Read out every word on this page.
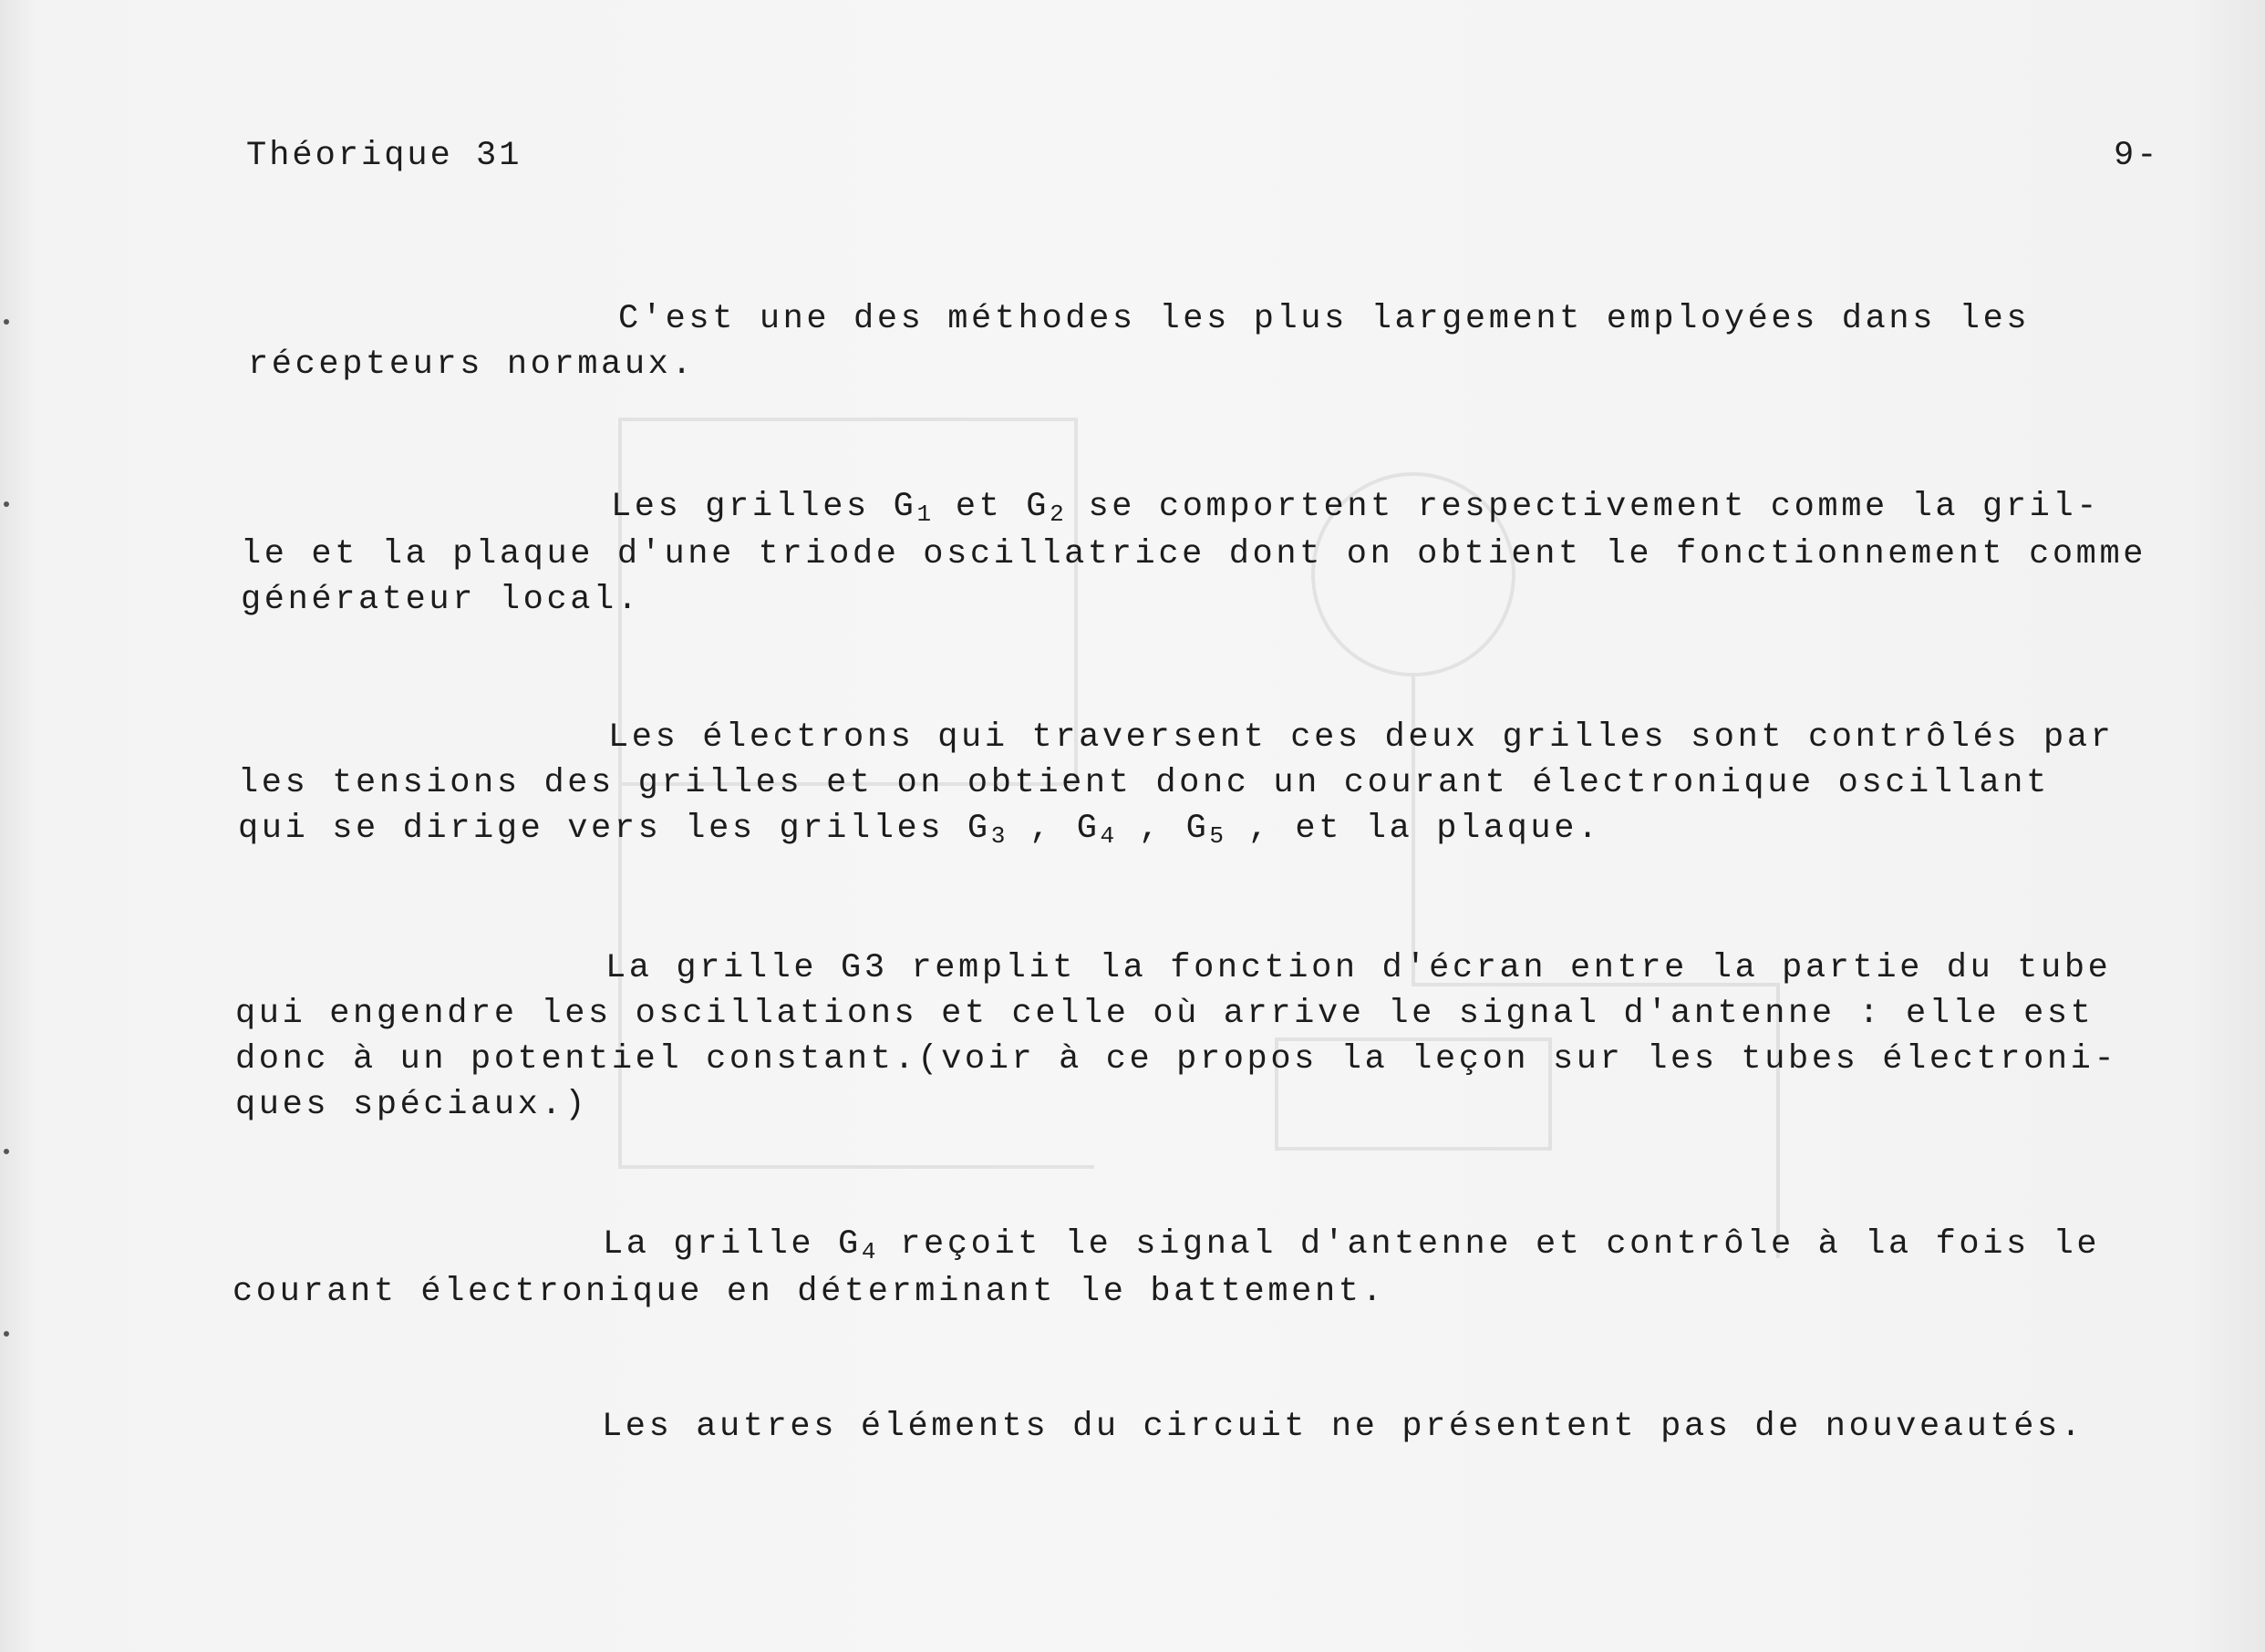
Théorique 31	9-

C'est une des méthodes les plus largement employées dans les
récepteurs normaux.

Les grilles G1 et G2 se comportent respectivement comme la gril-
le et la plaque d'une triode oscillatrice dont on obtient le fonctionnement comme
générateur local.

Les électrons qui traversent ces deux grilles sont contrôlés par
les tensions des grilles et on obtient donc un courant électronique oscillant
qui se dirige vers les grilles G3 , G4 , G5 , et la plaque.

La grille G3 remplit la fonction d'écran entre la partie du tube
qui engendre les oscillations et celle où arrive le signal d'antenne : elle est
donc à un potentiel constant.(voir à ce propos la leçon sur les tubes électroni-
ques spéciaux.)

La grille G4 reçoit le signal d'antenne et contrôle à la fois le
courant électronique en déterminant le battement.

Les autres éléments du circuit ne présentent pas de nouveautés.
